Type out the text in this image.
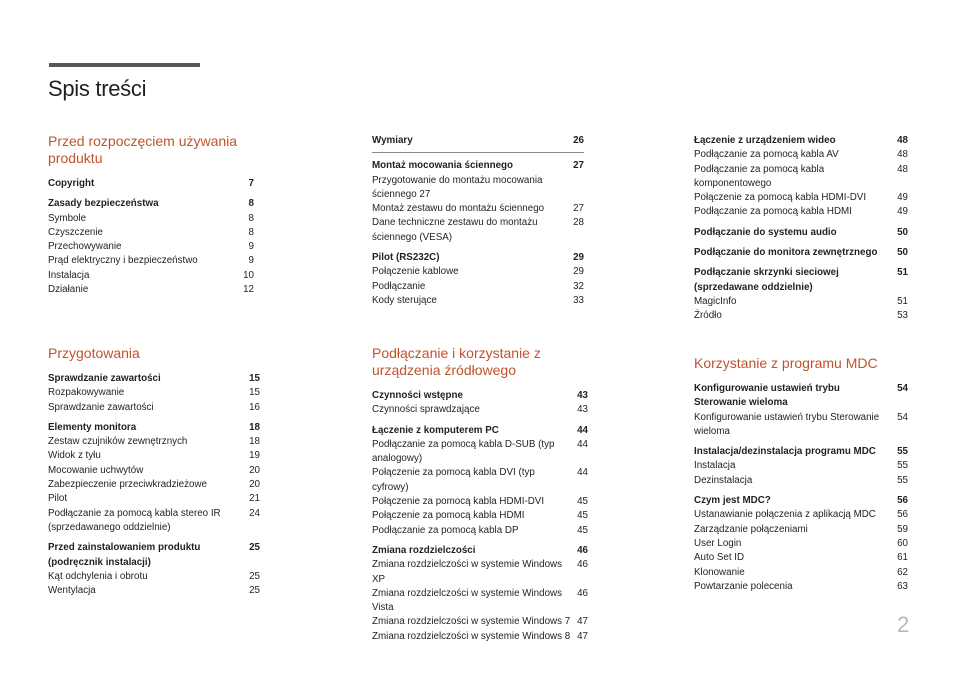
Spis treści
Przed rozpoczęciem używania produktu
Copyright	7
Zasady bezpieczeństwa	8
Symbole	8
Czyszczenie	8
Przechowywanie	9
Prąd elektryczny i bezpieczeństwo	9
Instalacja	10
Działanie	12
Wymiary	26
Montaż mocowania ściennego	27
Przygotowanie do montażu mocowania ściennego 27
Montaż zestawu do montażu ściennego	27
Dane techniczne zestawu do montażu ściennego (VESA)
28
Pilot (RS232C)	29
Połączenie kablowe	29
Podłączanie	32
Kody sterujące	33
Łączenie z urządzeniem wideo	48
Podłączanie za pomocą kabla AV	48
Podłączanie za pomocą kabla komponentowego
48
Połączenie za pomocą kabla HDMI-DVI	49
Podłączanie za pomocą kabla HDMI	49
Podłączanie do systemu audio	50
Podłączanie do monitora zewnętrznego	50
Podłączanie skrzynki sieciowej (sprzedawane oddzielnie)
51
MagicInfo	51
Źródło	53
Przygotowania
Sprawdzanie zawartości	15
Rozpakowywanie	15
Sprawdzanie zawartości	16
Elementy monitora	18
Zestaw czujników zewnętrznych	18
Widok z tyłu	19
Mocowanie uchwytów	20
Zabezpieczenie przeciwkradzieżowe	20
Pilot	21
Podłączanie za pomocą kabla stereo IR (sprzedawanego oddzielnie)
24
Przed zainstalowaniem produktu (podręcznik instalacji)
25
Kąt odchylenia i obrotu	25
Wentylacja	25
Podłączanie i korzystanie z urządzenia źródłowego
Czynności wstępne	43
Czynności sprawdzające	43
Łączenie z komputerem PC	44
Podłączanie za pomocą kabla D-SUB (typ analogowy)
44
Połączenie za pomocą kabla DVI (typ cyfrowy)
44
Połączenie za pomocą kabla HDMI-DVI	45
Połączenie za pomocą kabla HDMI	45
Podłączanie za pomocą kabla DP	45
Zmiana rozdzielczości	46
Zmiana rozdzielczości w systemie Windows XP
46
Zmiana rozdzielczości w systemie Windows Vista
46
Zmiana rozdzielczości w systemie Windows 7 47
Zmiana rozdzielczości w systemie Windows 8 47
Korzystanie z programu MDC
Konfigurowanie ustawień trybu Sterowanie wieloma
54
Konfigurowanie ustawień trybu Sterowanie wieloma
54
Instalacja/dezinstalacja programu MDC	55
Instalacja	55
Dezinstalacja	55
Czym jest MDC?	56
Ustanawianie połączenia z aplikacją MDC	56
Zarządzanie połączeniami	59
User Login	60
Auto Set ID	61
Klonowanie	62
Powtarzanie polecenia	63
2
